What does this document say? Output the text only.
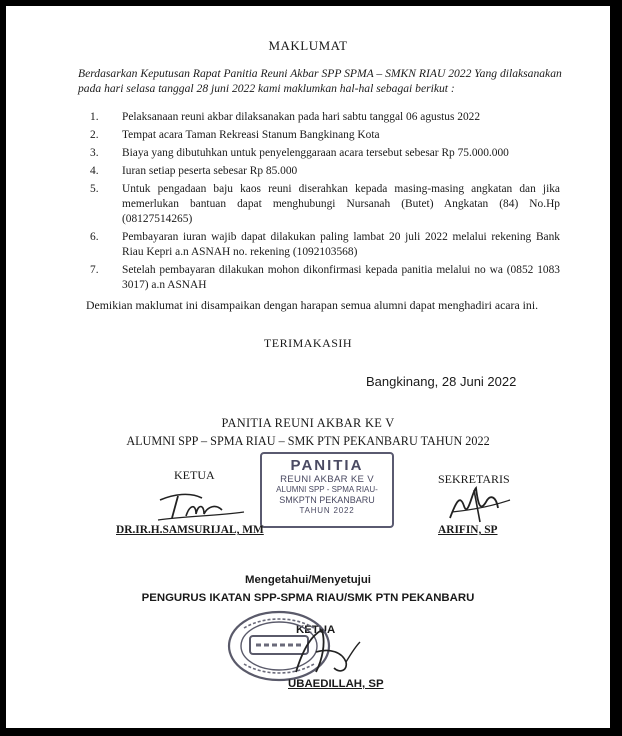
MAKLUMAT
Berdasarkan Keputusan Rapat Panitia Reuni Akbar SPP SPMA – SMKN RIAU 2022 Yang dilaksanakan pada hari selasa tanggal 28 juni 2022 kami maklumkan hal-hal sebagai berikut :
1. Pelaksanaan reuni akbar dilaksanakan pada hari sabtu tanggal 06 agustus 2022
2. Tempat acara Taman Rekreasi Stanum Bangkinang Kota
3. Biaya yang dibutuhkan untuk penyelenggaraan acara tersebut sebesar Rp 75.000.000
4. Iuran setiap peserta sebesar Rp 85.000
5. Untuk pengadaan baju kaos reuni diserahkan kepada masing-masing angkatan dan jika memerlukan bantuan dapat menghubungi Nursanah (Butet) Angkatan (84) No.Hp (08127514265)
6. Pembayaran iuran wajib dapat dilakukan paling lambat 20 juli 2022 melalui rekening Bank Riau Kepri a.n ASNAH no. rekening (1092103568)
7. Setelah pembayaran dilakukan mohon dikonfirmasi kepada panitia melalui no wa (0852 1083 3017) a.n ASNAH
Demikian maklumat ini disampaikan dengan harapan semua alumni dapat menghadiri acara ini.
TERIMAKASIH
Bangkinang, 28 Juni 2022
PANITIA REUNI AKBAR KE V
ALUMNI SPP – SPMA RIAU – SMK PTN PEKANBARU TAHUN 2022
KETUA	SEKRETARIS
PANITIA
REUNI AKBAR KE V
ALUMNI SPP - SPMA RIAU-
SMKPTN PEKANBARU
TAHUN 2022
DR.IR.H.SAMSURIJAL, MM	ARIFIN, SP
Mengetahui/Menyetujui
PENGURUS IKATAN SPP-SPMA RIAU/SMK PTN PEKANBARU
KETUA
UBAEDILLAH, SP
